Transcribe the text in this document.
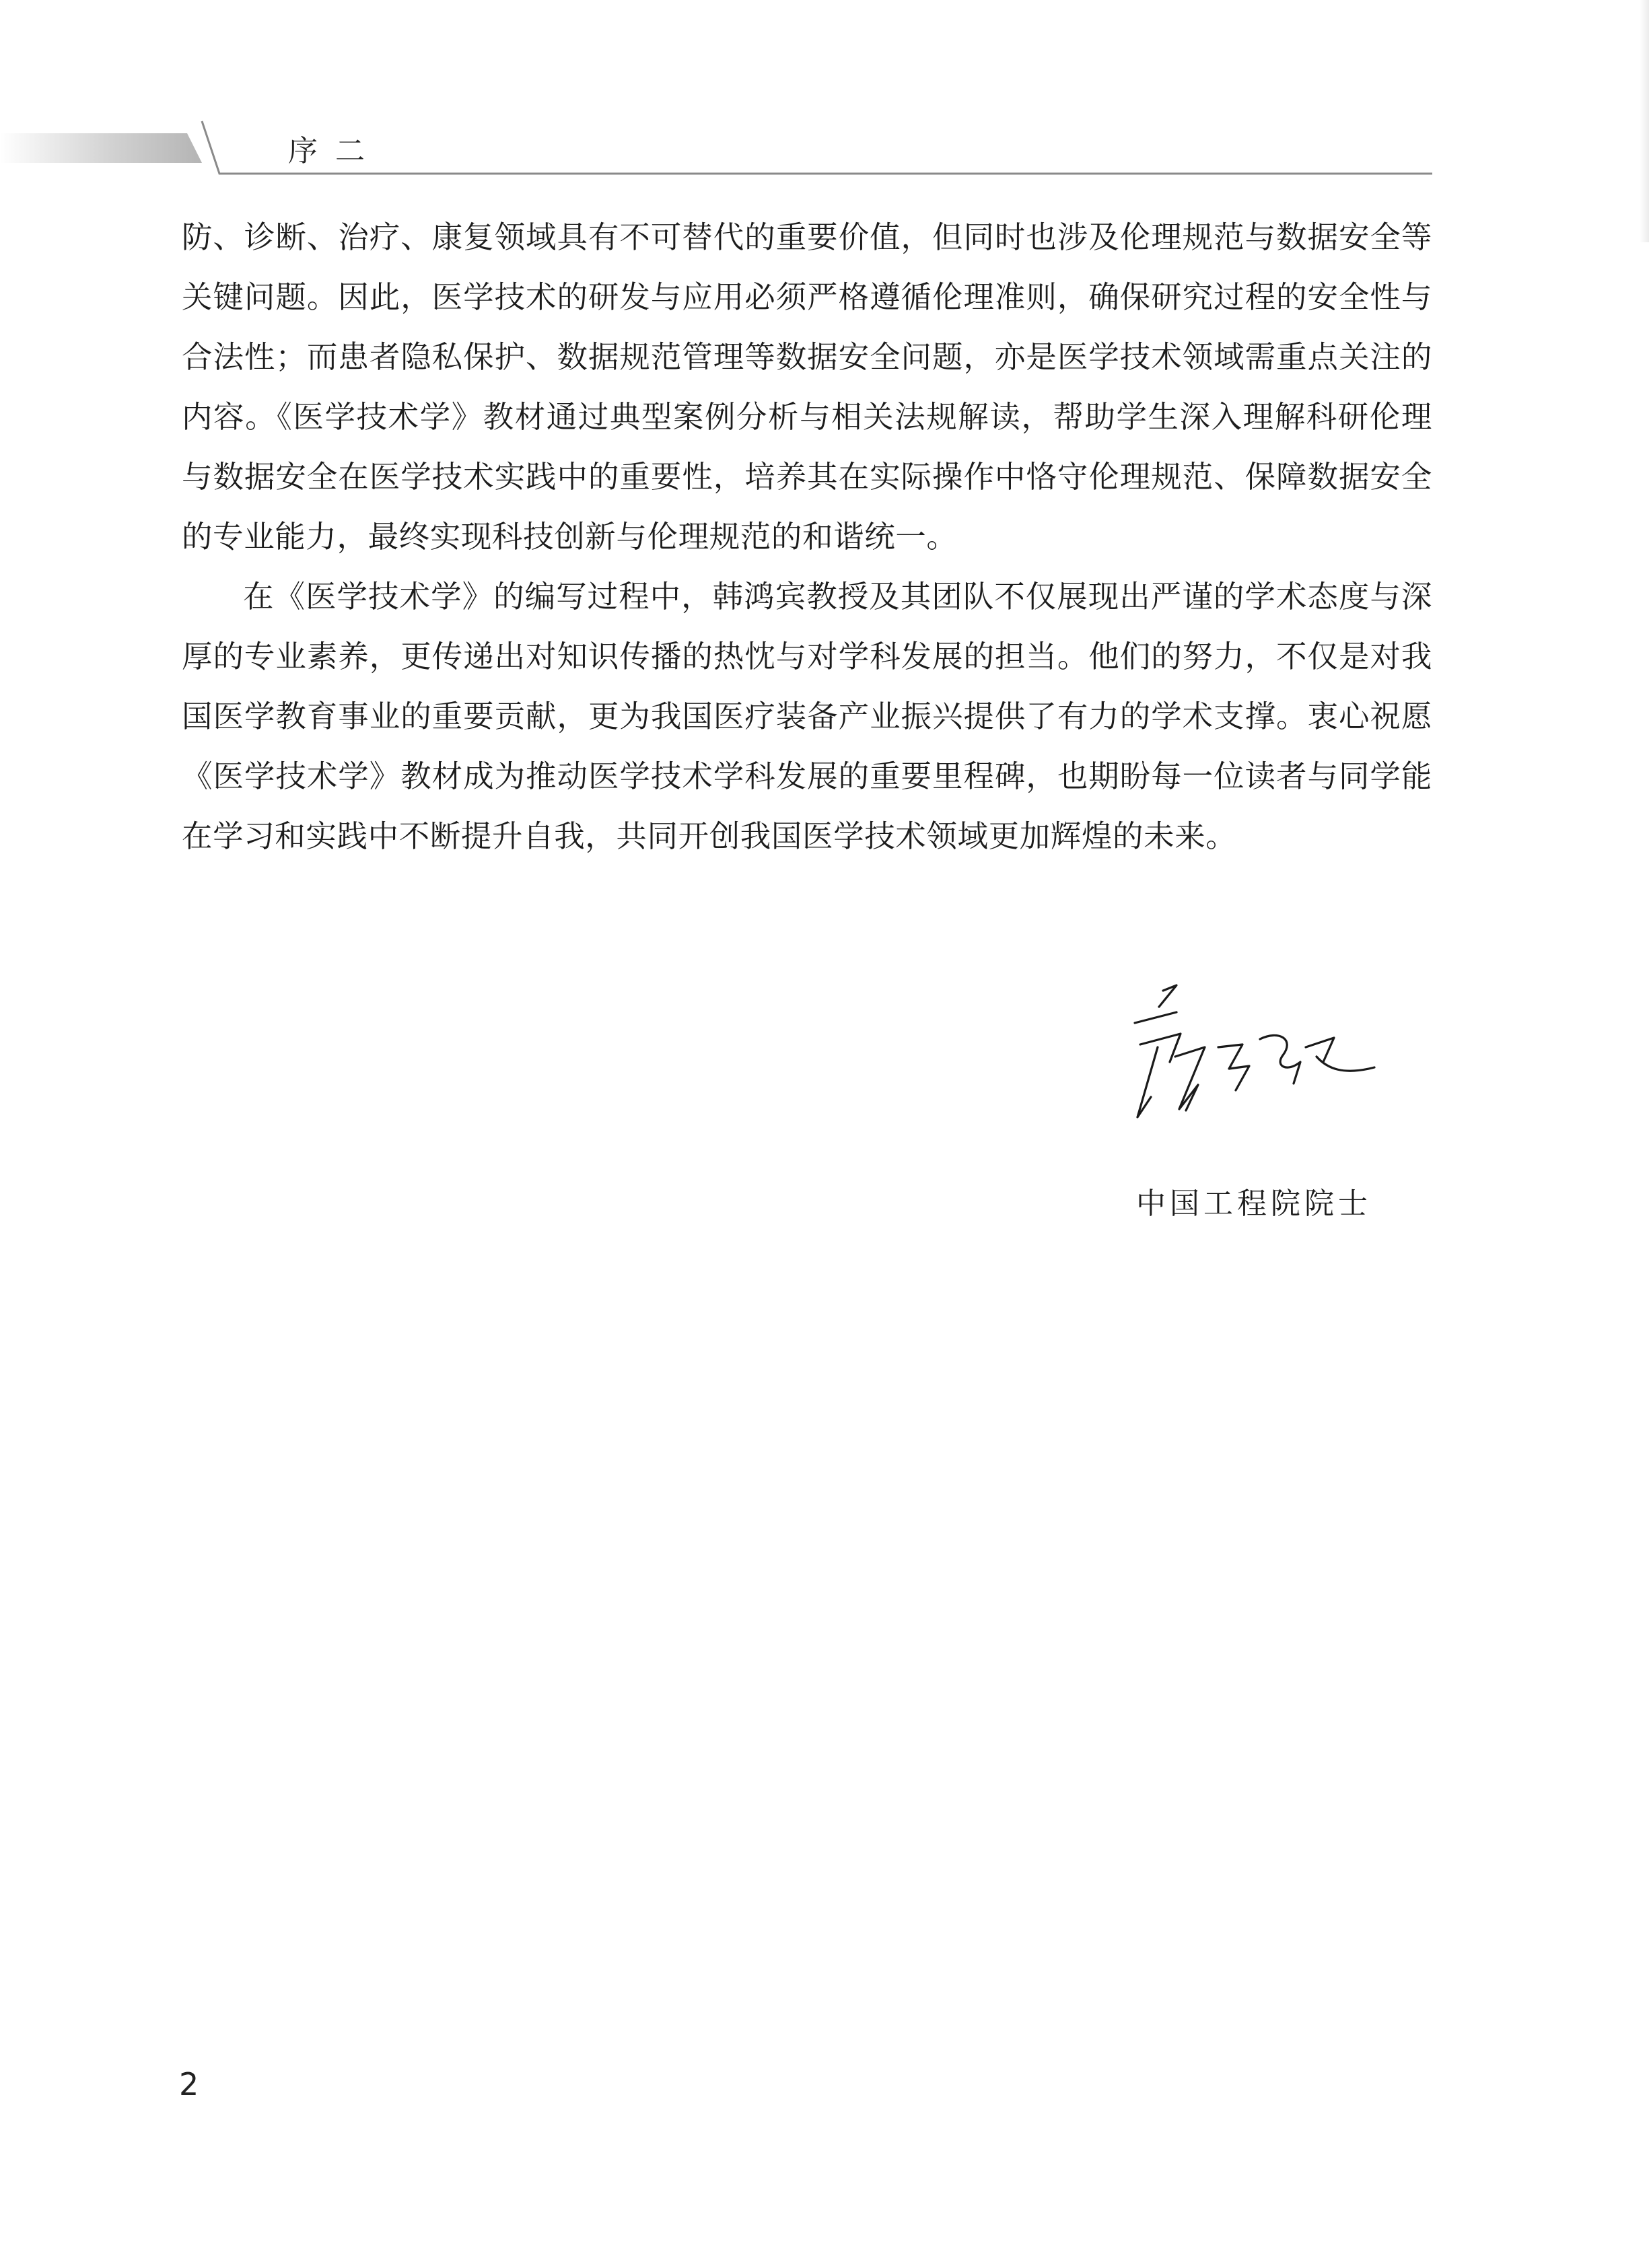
序二

防、诊断、治疗、康复领域具有不可替代的重要价值，但同时也涉及伦理规范与数据安全等关键问题。因此，医学技术的研发与应用必须严格遵循伦理准则，确保研究过程的安全性与合法性；而患者隐私保护、数据规范管理等数据安全问题，亦是医学技术领域需重点关注的内容。《医学技术学》教材通过典型案例分析与相关法规解读，帮助学生深入理解科研伦理与数据安全在医学技术实践中的重要性，培养其在实际操作中恪守伦理规范、保障数据安全的专业能力，最终实现科技创新与伦理规范的和谐统一。

在《医学技术学》的编写过程中，韩鸿宾教授及其团队不仅展现出严谨的学术态度与深厚的专业素养，更传递出对知识传播的热忱与对学科发展的担当。他们的努力，不仅是对我国医学教育事业的重要贡献，更为我国医疗装备产业振兴提供了有力的学术支撑。衷心祝愿《医学技术学》教材成为推动医学技术学科发展的重要里程碑，也期盼每一位读者与同学能在学习和实践中不断提升自我，共同开创我国医学技术领域更加辉煌的未来。

中国工程院院士
2
